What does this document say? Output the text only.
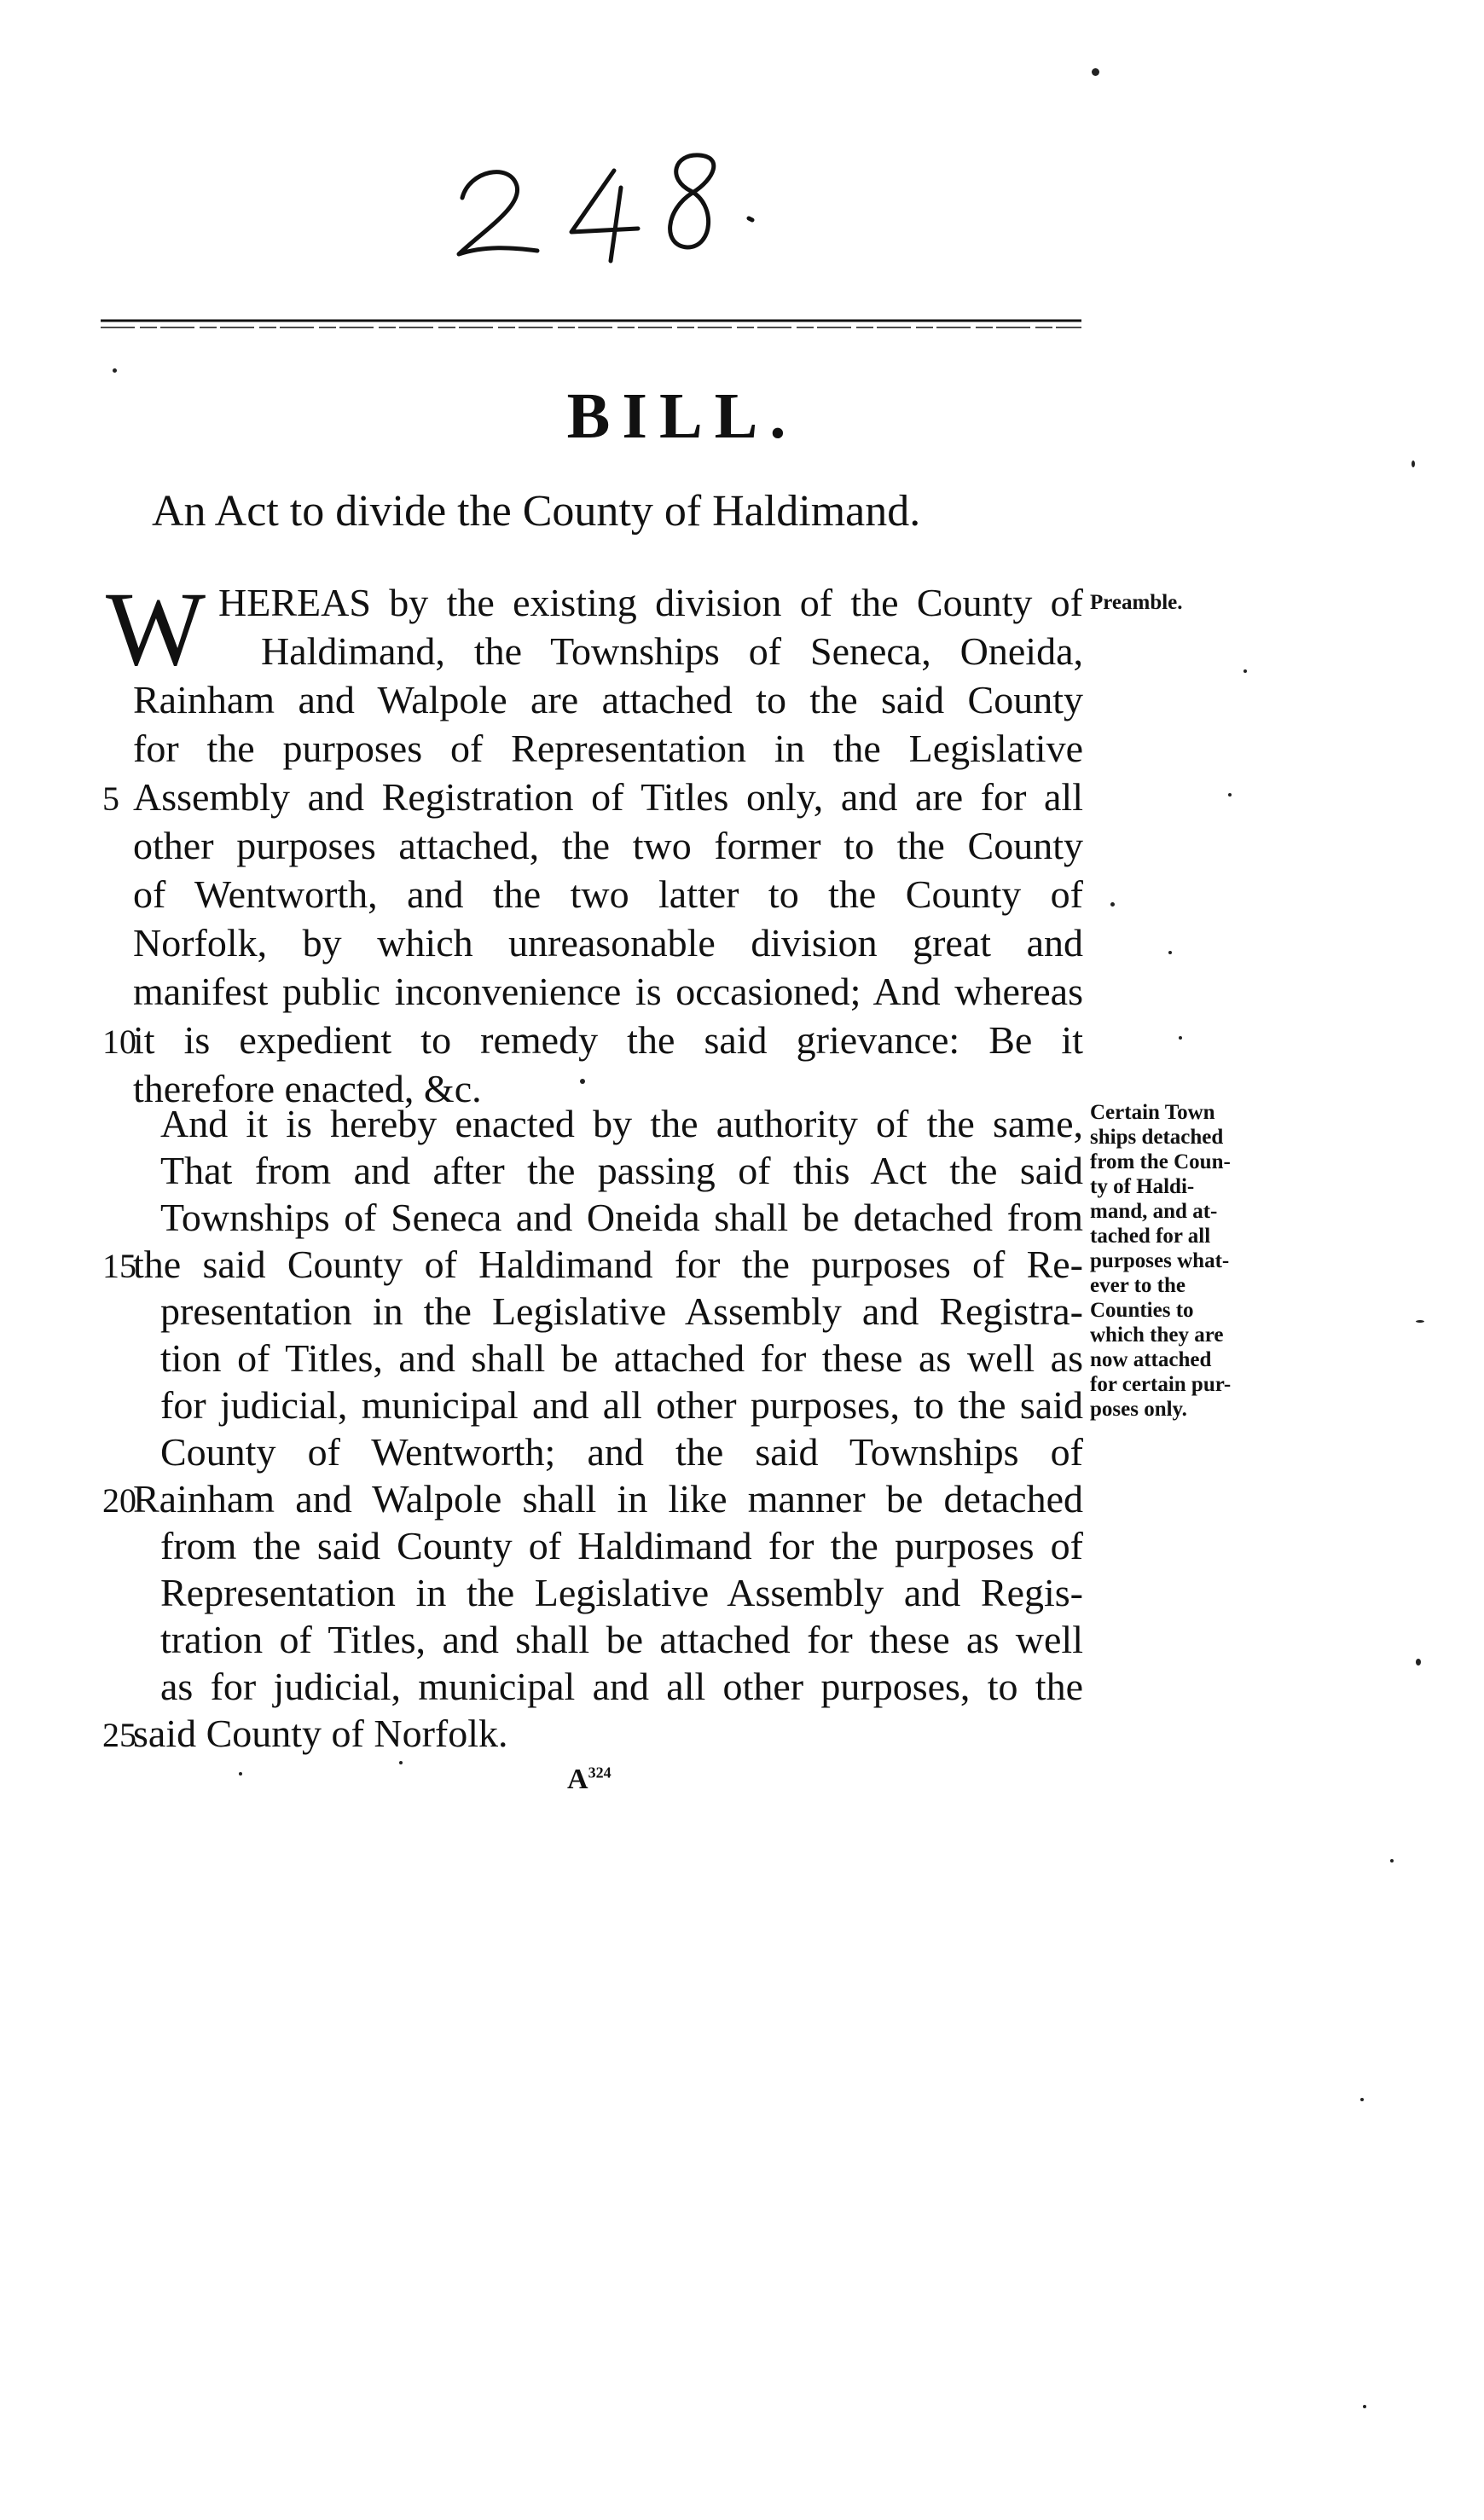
BILL.
An Act to divide the County of Haldimand.
W	Preamble.
HEREAS by the existing division of the County of
Haldimand, the Townships of Seneca, Oneida,
Rainham and Walpole are attached to the said County
for the purposes of Representation in the Legislative
5 Assembly and Registration of Titles only, and are for all
other purposes attached, the two former to the County
of Wentworth, and the two latter to the County of
Norfolk, by which unreasonable division great and
manifest public inconvenience is occasioned; And whereas
10
it is expedient to remedy the said grievance: Be it
therefore enacted, &c.
Certain Town
ships detached
from the Coun-
ty of Haldi-
mand, and at-
tached for all
purposes what-
ever to the
Counties to
which they are
now attached
for certain pur-
poses only.
And it is hereby enacted by the authority of the same,
That from and after the passing of this Act the said
Townships of Seneca and Oneida shall be detached from
15
the said County of Haldimand for the purposes of Re-
presentation in the Legislative Assembly and Registra-
tion of Titles, and shall be attached for these as well as
for judicial, municipal and all other purposes, to the said
County of Wentworth; and the said Townships of
20
Rainham and Walpole shall in like manner be detached
from the said County of Haldimand for the purposes of
Representation in the Legislative Assembly and Regis-
tration of Titles, and shall be attached for these as well
as for judicial, municipal and all other purposes, to the
25
said County of Norfolk.
$A^{324}$
